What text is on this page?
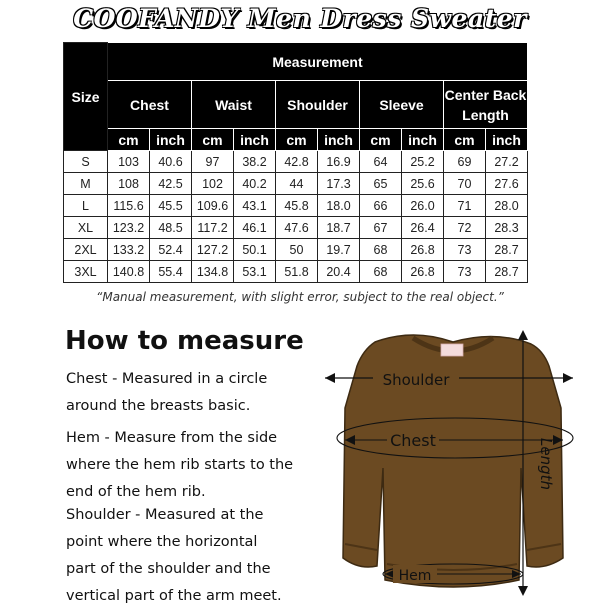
COOFANDY Men Dress Sweater
Size	Measurement									
	Chest		Waist		Shoulder		Sleeve		Center Back Length	
	cm	inch	cm	inch	cm	inch	cm	inch	cm	inch
S	103	40.6	97	38.2	42.8	16.9	64	25.2	69	27.2
M	108	42.5	102	40.2	44	17.3	65	25.6	70	27.6
L	115.6	45.5	109.6	43.1	45.8	18.0	66	26.0	71	28.0
XL	123.2	48.5	117.2	46.1	47.6	18.7	67	26.4	72	28.3
2XL	133.2	52.4	127.2	50.1	50	19.7	68	26.8	73	28.7
3XL	140.8	55.4	134.8	53.1	51.8	20.4	68	26.8	73	28.7
“Manual measurement, with slight error, subject to the real object.”
How to measure
Chest - Measured in a circle
around the breasts basic.
Hem - Measure from the side
where the hem rib starts to the
end of the hem rib.
Shoulder - Measured at the
point where the horizontal
part of the shoulder and the
vertical part of the arm meet.
Shoulder
Chest
Hem
Length
